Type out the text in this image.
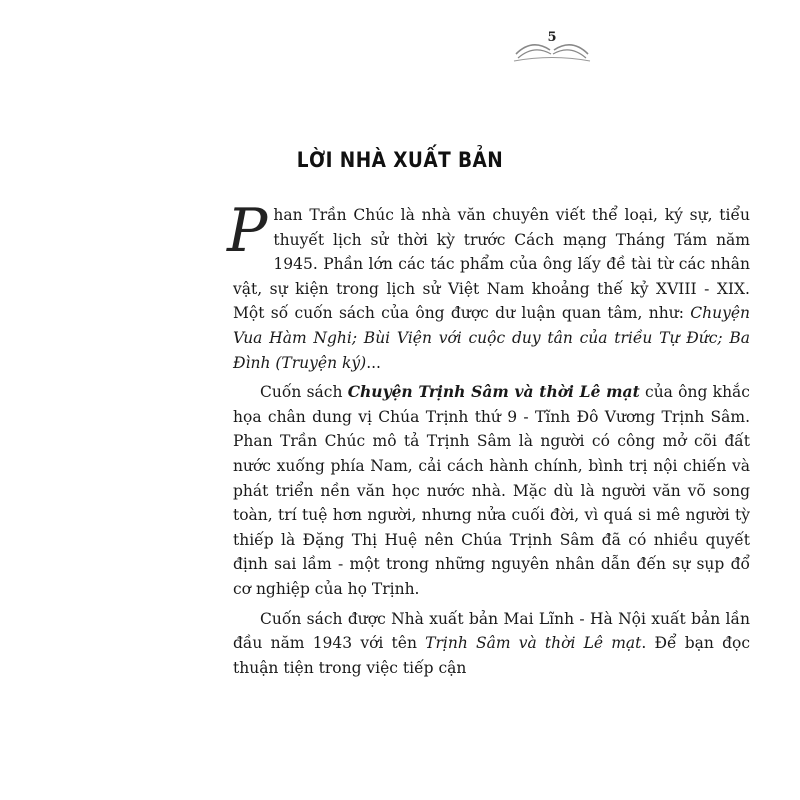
5
LỜI NHÀ XUẤT BẢN

Phan Trần Chúc là nhà văn chuyên viết thể loại, ký sự, tiểu thuyết lịch sử thời kỳ trước Cách mạng Tháng Tám năm 1945. Phần lớn các tác phẩm của ông lấy đề tài từ các nhân vật, sự kiện trong lịch sử Việt Nam khoảng thế kỷ XVIII - XIX. Một số cuốn sách của ông được dư luận quan tâm, như: Chuyện Vua Hàm Nghi; Bùi Viện với cuộc duy tân của triều Tự Đức; Ba Đình (Truyện ký)...

Cuốn sách Chuyện Trịnh Sâm và thời Lê mạt của ông khắc họa chân dung vị Chúa Trịnh thứ 9 - Tĩnh Đô Vương Trịnh Sâm. Phan Trần Chúc mô tả Trịnh Sâm là người có công mở cõi đất nước xuống phía Nam, cải cách hành chính, bình trị nội chiến và phát triển nền văn học nước nhà. Mặc dù là người văn võ song toàn, trí tuệ hơn người, nhưng nửa cuối đời, vì quá si mê người tỳ thiếp là Đặng Thị Huệ nên Chúa Trịnh Sâm đã có nhiều quyết định sai lầm - một trong những nguyên nhân dẫn đến sự sụp đổ cơ nghiệp của họ Trịnh.

Cuốn sách được Nhà xuất bản Mai Lĩnh - Hà Nội xuất bản lần đầu năm 1943 với tên Trịnh Sâm và thời Lê mạt. Để bạn đọc thuận tiện trong việc tiếp cận
